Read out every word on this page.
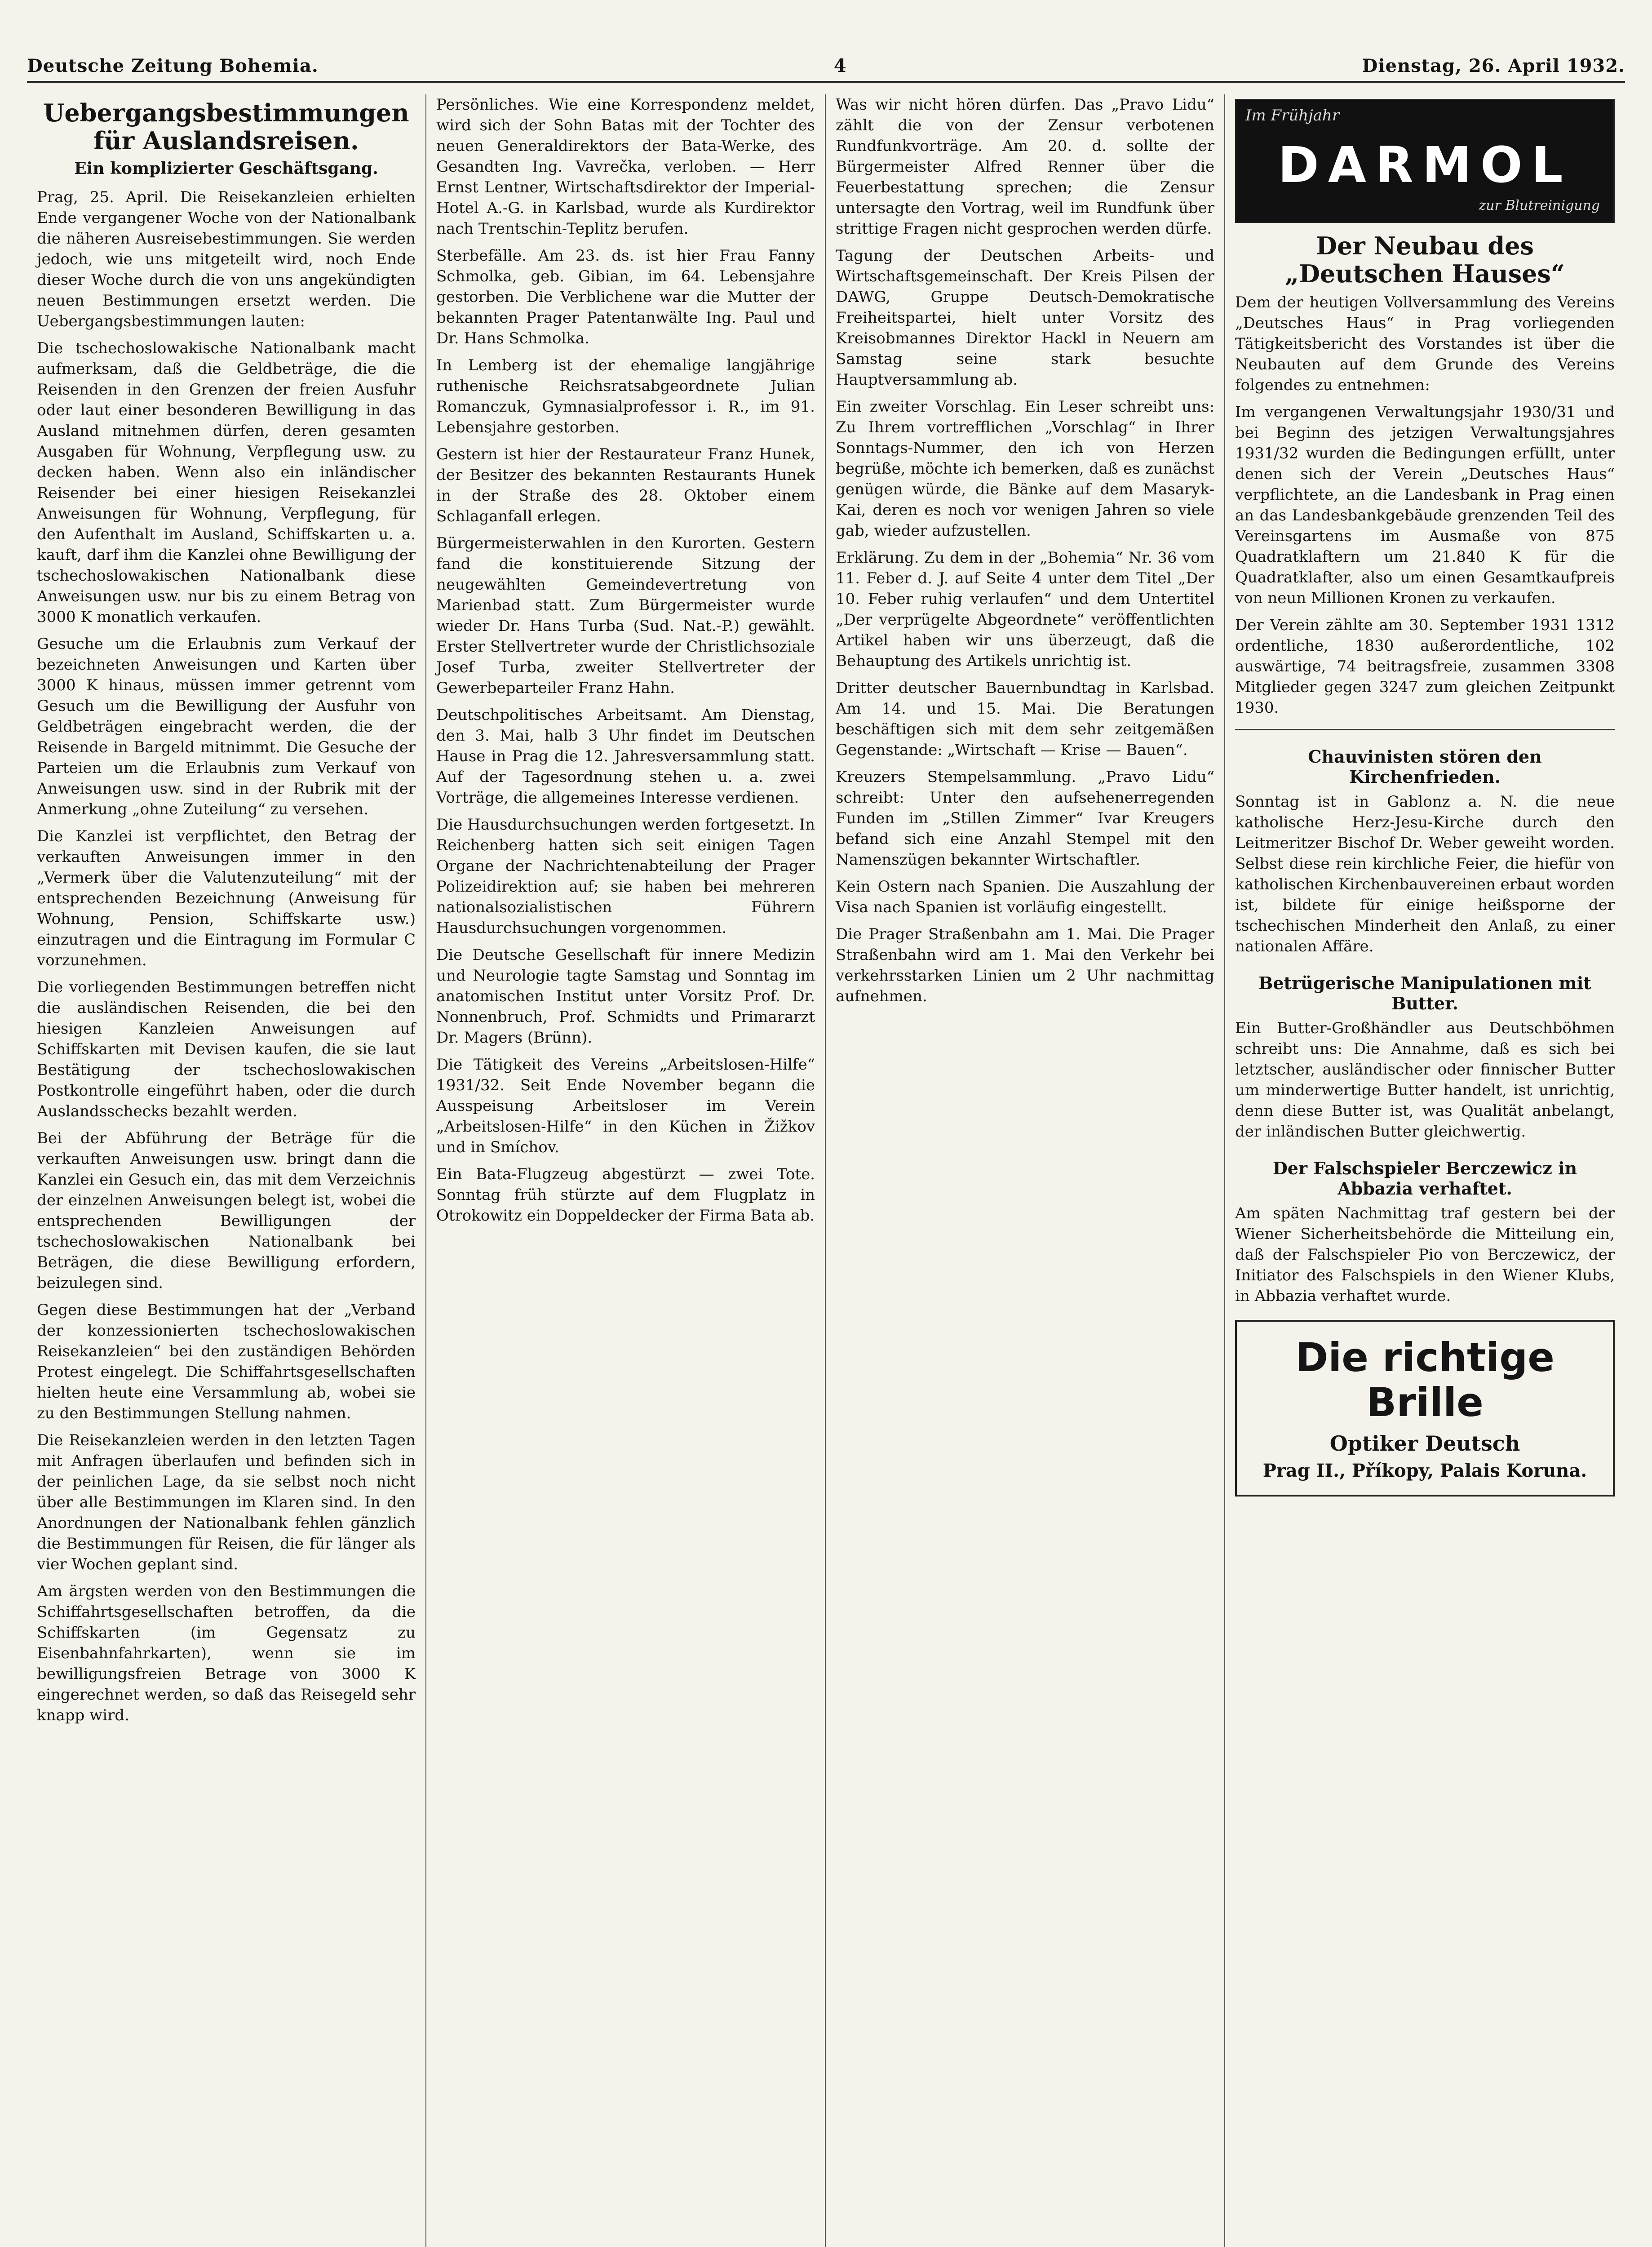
Deutsche Zeitung Bohemia.	4	Dienstag, 26. April 1932.
Uebergangsbestimmungen für Auslandsreisen.
Ein komplizierter Geschäftsgang.

Prag, 25. April. Die Reisekanzleien erhielten Ende vergangener Woche von der Nationalbank die näheren Ausreisebestimmungen. Sie werden jedoch, wie uns mitgeteilt wird, noch Ende dieser Woche durch die von uns angekündigten neuen Bestimmungen ersetzt werden. Die Uebergangsbestimmungen lauten:

Die tschechoslowakische Nationalbank macht aufmerksam, daß die Geldbeträge, die die Reisenden in den Grenzen der freien Ausfuhr oder laut einer besonderen Bewilligung in das Ausland mitnehmen dürfen, deren gesamten Ausgaben für Wohnung, Verpflegung usw. zu decken haben. Wenn also ein inländischer Reisender bei einer hiesigen Reisekanzlei Anweisungen für Wohnung, Verpflegung, für den Aufenthalt im Ausland, Schiffskarten u. a. kauft, darf ihm die Kanzlei ohne Bewilligung der tschechoslowakischen Nationalbank diese Anweisungen usw. nur bis zu einem Betrag von 3000 K monatlich verkaufen.

Gesuche um die Erlaubnis zum Verkauf der bezeichneten Anweisungen und Karten über 3000 K hinaus, müssen immer getrennt vom Gesuch um die Bewilligung der Ausfuhr von Geldbeträgen eingebracht werden, die der Reisende in Bargeld mitnimmt. Die Gesuche der Parteien um die Erlaubnis zum Verkauf von Anweisungen usw. sind in der Rubrik mit der Anmerkung „ohne Zuteilung“ zu versehen.

Die Kanzlei ist verpflichtet, den Betrag der verkauften Anweisungen immer in den „Vermerk über die Valutenzuteilung“ mit der entsprechenden Bezeichnung (Anweisung für Wohnung, Pension, Schiffskarte usw.) einzutragen und die Eintragung im Formular C vorzunehmen.

Die vorliegenden Bestimmungen betreffen nicht die ausländischen Reisenden, die bei den hiesigen Kanzleien Anweisungen auf Schiffskarten mit Devisen kaufen, die sie laut Bestätigung der tschechoslowakischen Postkontrolle eingeführt haben, oder die durch Auslandsschecks bezahlt werden.

Bei der Abführung der Beträge für die verkauften Anweisungen usw. bringt dann die Kanzlei ein Gesuch ein, das mit dem Verzeichnis der einzelnen Anweisungen belegt ist, wobei die entsprechenden Bewilligungen der tschechoslowakischen Nationalbank bei Beträgen, die diese Bewilligung erfordern, beizulegen sind.

Gegen diese Bestimmungen hat der „Verband der konzessionierten tschechoslowakischen Reisekanzleien“ bei den zuständigen Behörden Protest eingelegt. Die Schiffahrtsgesellschaften hielten heute eine Versammlung ab, wobei sie zu den Bestimmungen Stellung nahmen.

Die Reisekanzleien werden in den letzten Tagen mit Anfragen überlaufen und befinden sich in der peinlichen Lage, da sie selbst noch nicht über alle Bestimmungen im Klaren sind. In den Anordnungen der Nationalbank fehlen gänzlich die Bestimmungen für Reisen, die für länger als vier Wochen geplant sind.

Am ärgsten werden von den Bestimmungen die Schiffahrtsgesellschaften betroffen, da die Schiffskarten (im Gegensatz zu Eisenbahnfahrkarten), wenn sie im bewilligungsfreien Betrage von 3000 K eingerechnet werden, so daß das Reisegeld sehr knapp wird.

Persönliches. Wie eine Korrespondenz meldet, wird sich der Sohn Batas mit der Tochter des neuen Generaldirektors der Bata-Werke, des Gesandten Ing. Vavrečka, verloben. — Herr Ernst Lentner, Wirtschaftsdirektor der Imperial-Hotel A.-G. in Karlsbad, wurde als Kurdirektor nach Trentschin-Teplitz berufen.

Sterbefälle. Am 23. ds. ist hier Frau Fanny Schmolka, geb. Gibian, im 64. Lebensjahre gestorben. Die Verblichene war die Mutter der bekannten Prager Patentanwälte Ing. Paul und Dr. Hans Schmolka.

In Lemberg ist der ehemalige langjährige ruthenische Reichsratsabgeordnete Julian Romanczuk, Gymnasialprofessor i. R., im 91. Lebensjahre gestorben.

Gestern ist hier der Restaurateur Franz Hunek, der Besitzer des bekannten Restaurants Hunek in der Straße des 28. Oktober einem Schlaganfall erlegen.

Bürgermeisterwahlen in den Kurorten. Gestern fand die konstituierende Sitzung der neugewählten Gemeindevertretung von Marienbad statt. Zum Bürgermeister wurde wieder Dr. Hans Turba (Sud. Nat.-P.) gewählt. Erster Stellvertreter wurde der Christlichsoziale Josef Turba, zweiter Stellvertreter der Gewerbeparteiler Franz Hahn.

Deutschpolitisches Arbeitsamt. Am Dienstag, den 3. Mai, halb 3 Uhr findet im Deutschen Hause in Prag die 12. Jahresversammlung statt. Auf der Tagesordnung stehen u. a. zwei Vorträge, die allgemeines Interesse verdienen.

Die Hausdurchsuchungen werden fortgesetzt. In Reichenberg hatten sich seit einigen Tagen Organe der Nachrichtenabteilung der Prager Polizeidirektion auf; sie haben bei mehreren nationalsozialistischen Führern Hausdurchsuchungen vorgenommen.

Die Deutsche Gesellschaft für innere Medizin und Neurologie tagte Samstag und Sonntag im anatomischen Institut unter Vorsitz Prof. Dr. Nonnenbruch, Prof. Schmidts und Primararzt Dr. Magers (Brünn).

Die Tätigkeit des Vereins „Arbeitslosen-Hilfe“ 1931/32. Seit Ende November begann die Ausspeisung Arbeitsloser im Verein „Arbeitslosen-Hilfe“ in den Küchen in Žižkov und in Smíchov.

Ein Bata-Flugzeug abgestürzt — zwei Tote. Sonntag früh stürzte auf dem Flugplatz in Otrokowitz ein Doppeldecker der Firma Bata ab.

Was wir nicht hören dürfen. Das „Pravo Lidu“ zählt die von der Zensur verbotenen Rundfunkvorträge. Am 20. d. sollte der Bürgermeister Alfred Renner über die Feuerbestattung sprechen; die Zensur untersagte den Vortrag, weil im Rundfunk über strittige Fragen nicht gesprochen werden dürfe.

Tagung der Deutschen Arbeits- und Wirtschaftsgemeinschaft. Der Kreis Pilsen der DAWG, Gruppe Deutsch-Demokratische Freiheitspartei, hielt unter Vorsitz des Kreisobmannes Direktor Hackl in Neuern am Samstag seine stark besuchte Hauptversammlung ab.

Ein zweiter Vorschlag. Ein Leser schreibt uns: Zu Ihrem vortrefflichen „Vorschlag“ in Ihrer Sonntags-Nummer, den ich von Herzen begrüße, möchte ich bemerken, daß es zunächst genügen würde, die Bänke auf dem Masaryk-Kai, deren es noch vor wenigen Jahren so viele gab, wieder aufzustellen.

Erklärung. Zu dem in der „Bohemia“ Nr. 36 vom 11. Feber d. J. auf Seite 4 unter dem Titel „Der 10. Feber ruhig verlaufen“ und dem Untertitel „Der verprügelte Abgeordnete“ veröffentlichten Artikel haben wir uns überzeugt, daß die Behauptung des Artikels unrichtig ist.

Dritter deutscher Bauernbundtag in Karlsbad. Am 14. und 15. Mai. Die Beratungen beschäftigen sich mit dem sehr zeitgemäßen Gegenstande: „Wirtschaft — Krise — Bauen“.

Kreuzers Stempelsammlung. „Pravo Lidu“ schreibt: Unter den aufsehenerregenden Funden im „Stillen Zimmer“ Ivar Kreugers befand sich eine Anzahl Stempel mit den Namenszügen bekannter Wirtschaftler.

Kein Ostern nach Spanien. Die Auszahlung der Visa nach Spanien ist vorläufig eingestellt.

Die Prager Straßenbahn am 1. Mai. Die Prager Straßenbahn wird am 1. Mai den Verkehr bei verkehrsstarken Linien um 2 Uhr nachmittag aufnehmen.

Im Frühjahr
DARMOL
zur Blutreinigung
Der Neubau des „Deutschen Hauses“

Dem der heutigen Vollversammlung des Vereins „Deutsches Haus“ in Prag vorliegenden Tätigkeitsbericht des Vorstandes ist über die Neubauten auf dem Grunde des Vereins folgendes zu entnehmen:

Im vergangenen Verwaltungsjahr 1930/31 und bei Beginn des jetzigen Verwaltungsjahres 1931/32 wurden die Bedingungen erfüllt, unter denen sich der Verein „Deutsches Haus“ verpflichtete, an die Landesbank in Prag einen an das Landesbankgebäude grenzenden Teil des Vereinsgartens im Ausmaße von 875 Quadratklaftern um 21.840 K für die Quadratklafter, also um einen Gesamtkaufpreis von neun Millionen Kronen zu verkaufen.

Der Verein zählte am 30. September 1931 1312 ordentliche, 1830 außerordentliche, 102 auswärtige, 74 beitragsfreie, zusammen 3308 Mitglieder gegen 3247 zum gleichen Zeitpunkt 1930.

Chauvinisten stören den Kirchenfrieden.

Sonntag ist in Gablonz a. N. die neue katholische Herz-Jesu-Kirche durch den Leitmeritzer Bischof Dr. Weber geweiht worden. Selbst diese rein kirchliche Feier, die hiefür von katholischen Kirchenbauvereinen erbaut worden ist, bildete für einige heißsporne der tschechischen Minderheit den Anlaß, zu einer nationalen Affäre.

Betrügerische Manipulationen mit Butter.

Ein Butter-Großhändler aus Deutschböhmen schreibt uns: Die Annahme, daß es sich bei letztscher, ausländischer oder finnischer Butter um minderwertige Butter handelt, ist unrichtig, denn diese Butter ist, was Qualität anbelangt, der inländischen Butter gleichwertig.

Der Falschspieler Berczewicz in Abbazia verhaftet.

Am späten Nachmittag traf gestern bei der Wiener Sicherheitsbehörde die Mitteilung ein, daß der Falschspieler Pio von Berczewicz, der Initiator des Falschspiels in den Wiener Klubs, in Abbazia verhaftet wurde.

Die richtige Brille
Optiker Deutsch
Prag II., Příkopy, Palais Koruna.
